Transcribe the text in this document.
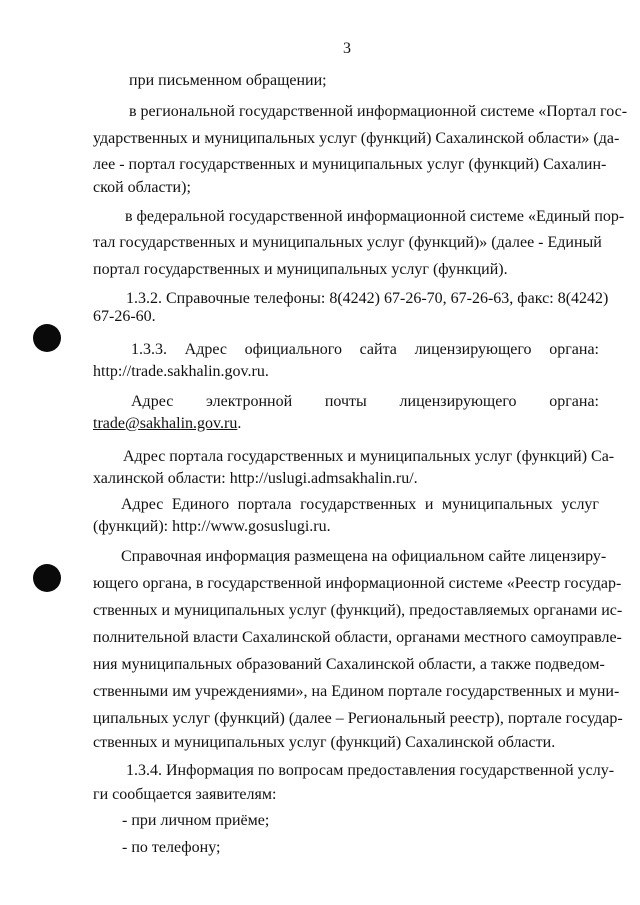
3
при письменном обращении;
в региональной государственной информационной системе «Портал гос-
ударственных и муниципальных услуг (функций) Сахалинской области» (да-
лее - портал государственных и муниципальных услуг (функций) Сахалин-
ской области);
в федеральной государственной информационной системе «Единый пор-
тал государственных и муниципальных услуг (функций)» (далее - Единый
портал государственных и муниципальных услуг (функций).
1.3.2. Справочные телефоны: 8(4242) 67-26-70, 67-26-63, факс: 8(4242)
67-26-60.
1.3.3. Адрес официального сайта лицензирующего органа:
http://trade.sakhalin.gov.ru.
Адрес электронной почты лицензирующего органа:
trade@sakhalin.gov.ru.
Адрес портала государственных и муниципальных услуг (функций) Са-
халинской области: http://uslugi.admsakhalin.ru/.
Адрес Единого портала государственных и муниципальных услуг
(функций): http://www.gosuslugi.ru.
Справочная информация размещена на официальном сайте лицензиру-
ющего органа, в государственной информационной системе «Реестр государ-
ственных и муниципальных услуг (функций), предоставляемых органами ис-
полнительной власти Сахалинской области, органами местного самоуправле-
ния муниципальных образований Сахалинской области, а также подведом-
ственными им учреждениями», на Едином портале государственных и муни-
ципальных услуг (функций) (далее – Региональный реестр), портале государ-
ственных и муниципальных услуг (функций) Сахалинской области.
1.3.4. Информация по вопросам предоставления государственной услу-
ги сообщается заявителям:
- при личном приёме;
- по телефону;
